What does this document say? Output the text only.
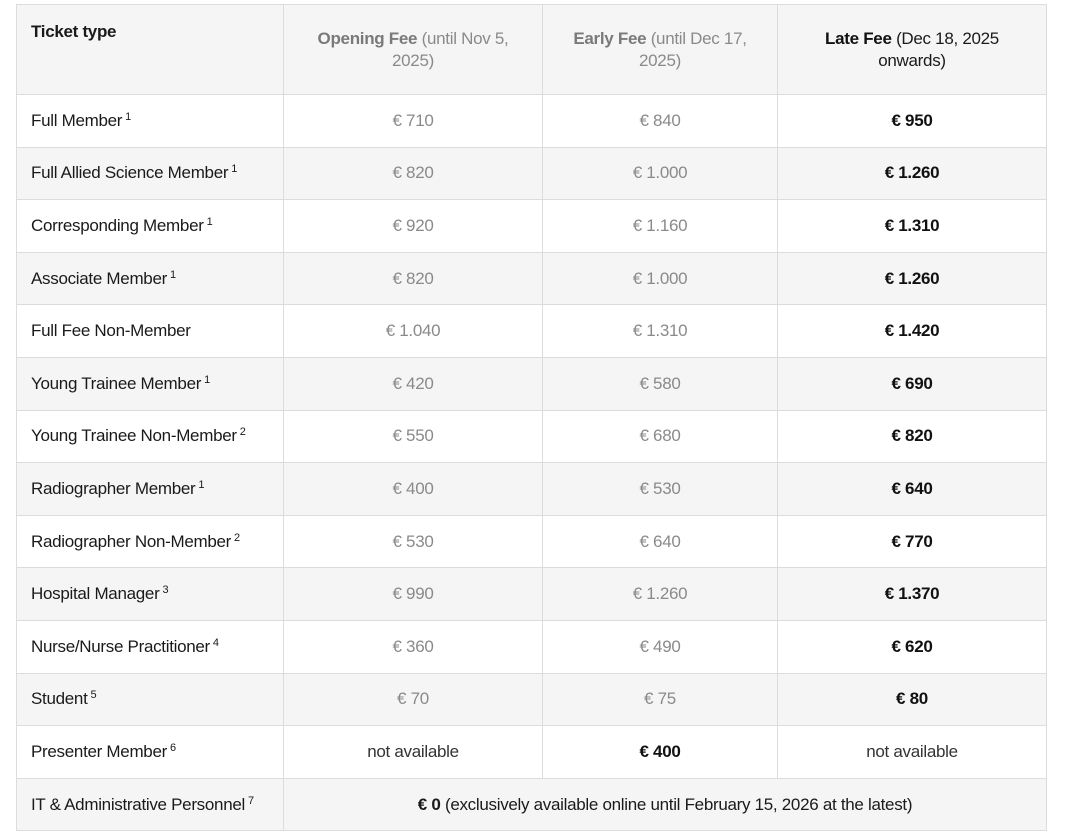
Ticket type	Opening Fee (until Nov 5, 2025)	Early Fee (until Dec 17, 2025)	Late Fee (Dec 18, 2025 onwards)
Full Member $^1$	€ 710	€ 840	€ 950
Full Allied Science Member $^1$	€ 820	€ 1.000	€ 1.260
Corresponding Member $^1$	€ 920	€ 1.160	€ 1.310
Associate Member $^1$	€ 820	€ 1.000	€ 1.260
Full Fee Non-Member	€ 1.040	€ 1.310	€ 1.420
Young Trainee Member $^1$	€ 420	€ 580	€ 690
Young Trainee Non-Member $^2$	€ 550	€ 680	€ 820
Radiographer Member $^1$	€ 400	€ 530	€ 640
Radiographer Non-Member $^2$	€ 530	€ 640	€ 770
Hospital Manager $^3$	€ 990	€ 1.260	€ 1.370
Nurse/Nurse Practitioner $^4$	€ 360	€ 490	€ 620
Student $^5$	€ 70	€ 75	€ 80
Presenter Member $^6$	not available	€ 400	not available
IT & Administrative Personnel $^7$	€ 0 (exclusively available online until February 15, 2026 at the latest)		
